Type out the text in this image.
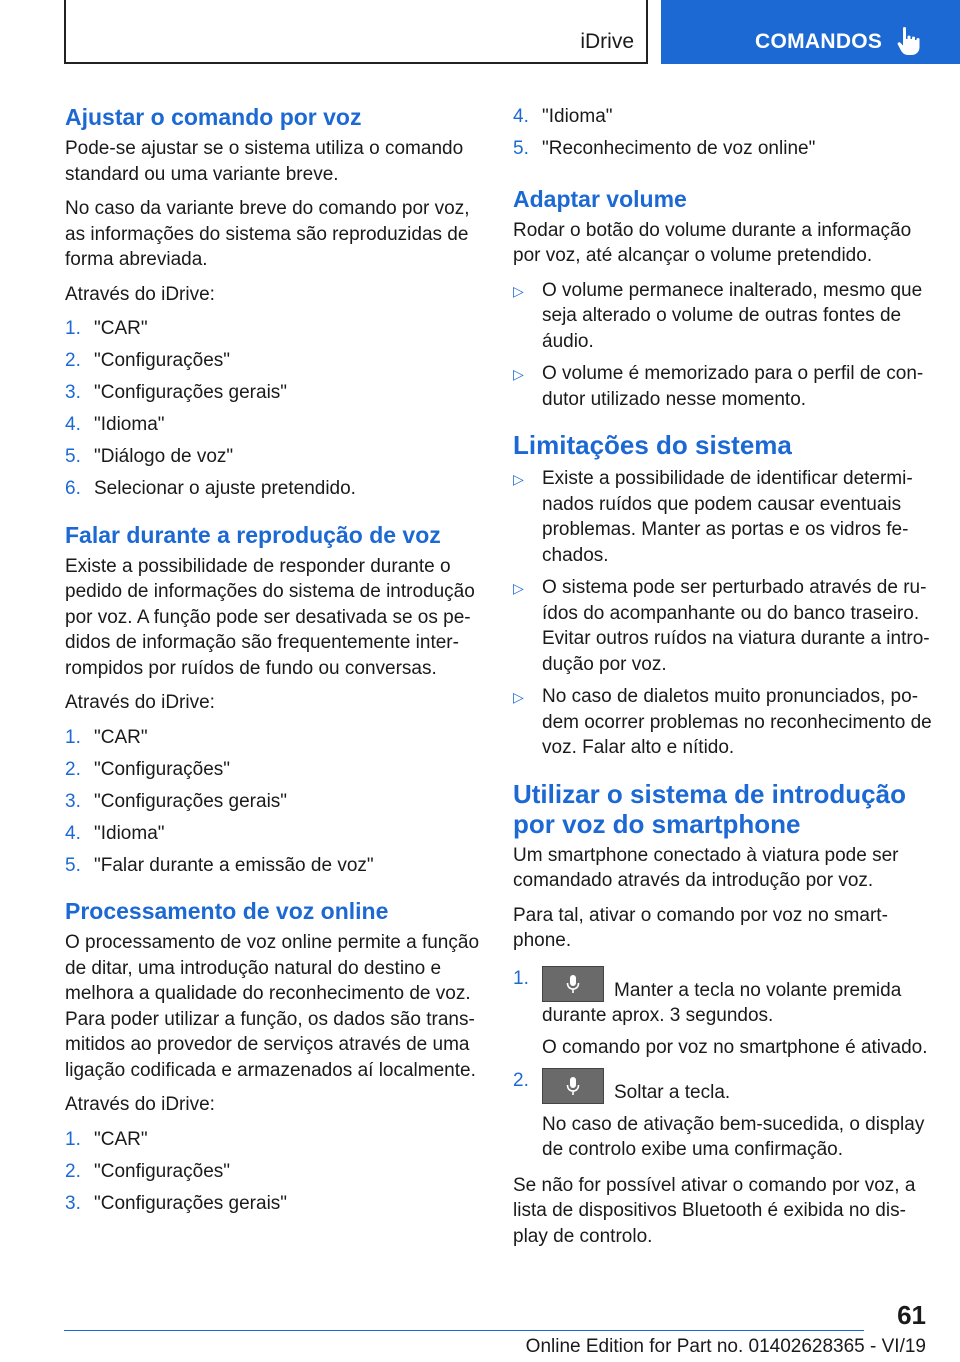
iDrive	COMANDOS
Ajustar o comando por voz

Pode-se ajustar se o sistema utiliza o comando standard ou uma variante breve.

No caso da variante breve do comando por voz, as informações do sistema são reproduzidas de forma abreviada.

Através do iDrive:

1. "CAR"
2. "Configurações"
3. "Configurações gerais"
4. "Idioma"
5. "Diálogo de voz"
6. Selecionar o ajuste pretendido.
Falar durante a reprodução de voz

Existe a possibilidade de responder durante o pedido de informações do sistema de introdução por voz. A função pode ser desativada se os pedidos de informação são frequentemente interrompidos por ruídos de fundo ou conversas.

Através do iDrive:

1. "CAR"
2. "Configurações"
3. "Configurações gerais"
4. "Idioma"
5. "Falar durante a emissão de voz"
Processamento de voz online

O processamento de voz online permite a função de ditar, uma introdução natural do destino e melhora a qualidade do reconhecimento de voz. Para poder utilizar a função, os dados são transmitidos ao provedor de serviços através de uma ligação codificada e armazenados aí localmente.

Através do iDrive:

1. "CAR"
2. "Configurações"
3. "Configurações gerais"
4. "Idioma"
5. "Reconhecimento de voz online"
Adaptar volume

Rodar o botão do volume durante a informação por voz, até alcançar o volume pretendido.

▷ O volume permanece inalterado, mesmo que seja alterado o volume de outras fontes de áudio.
▷ O volume é memorizado para o perfil de condutor utilizado nesse momento.
Limitações do sistema
▷ Existe a possibilidade de identificar determinados ruídos que podem causar eventuais problemas. Manter as portas e os vidros fechados.
▷ O sistema pode ser perturbado através de ruídos do acompanhante ou do banco traseiro. Evitar outros ruídos na viatura durante a introdução por voz.
▷ No caso de dialetos muito pronunciados, podem ocorrer problemas no reconhecimento de voz. Falar alto e nítido.
Utilizar o sistema de introdução por voz do smartphone

Um smartphone conectado à viatura pode ser comandado através da introdução por voz.

Para tal, ativar o comando por voz no smartphone.

1.
Manter a tecla no volante premida durante aprox. 3 segundos.
O comando por voz no smartphone é ativado.
2.
Soltar a tecla.
No caso de ativação bem-sucedida, o display de controlo exibe uma confirmação.

Se não for possível ativar o comando por voz, a lista de dispositivos Bluetooth é exibida no display de controlo.

61
Online Edition for Part no. 01402628365 - VI/19
